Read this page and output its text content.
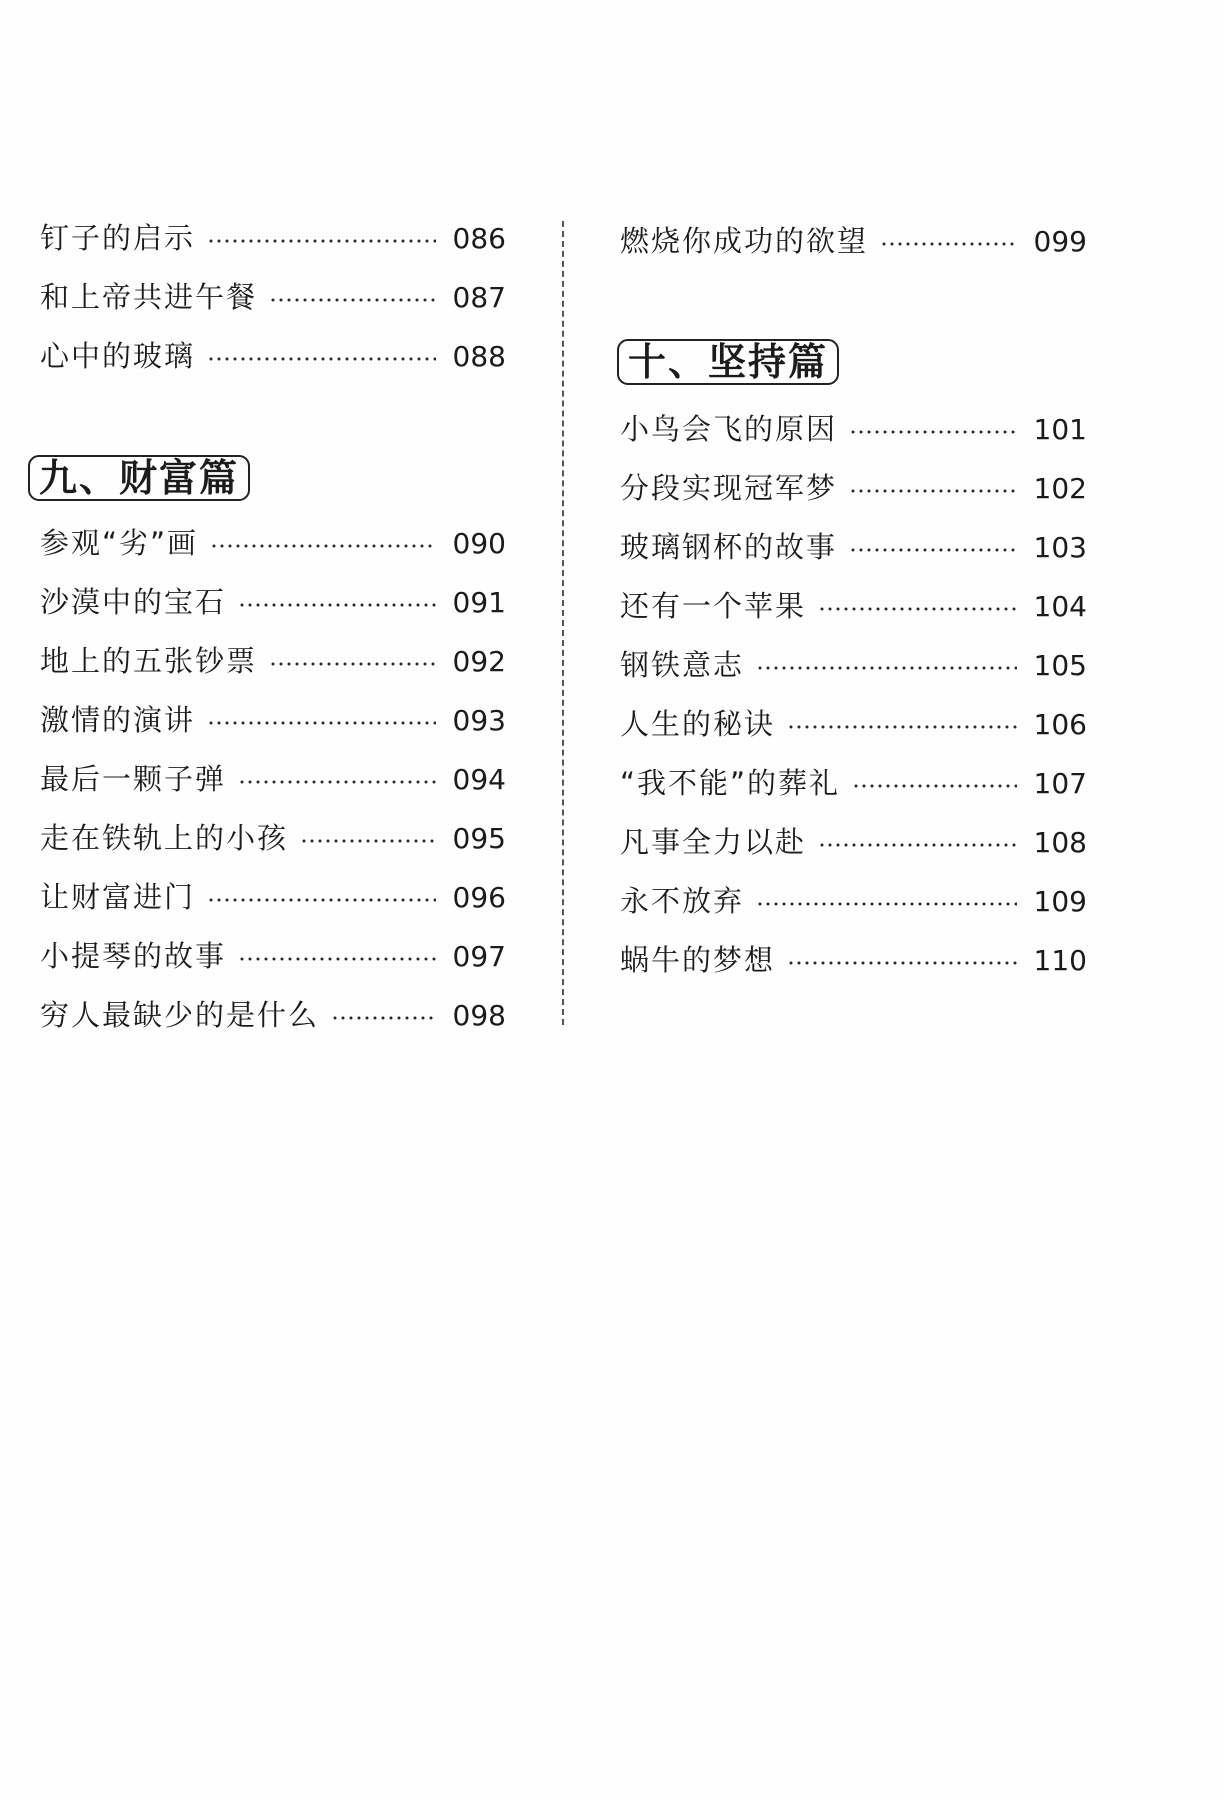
钉子的启示	086
和上帝共进午餐	087
心中的玻璃	088
九、财富篇
参观“劣”画	090
沙漠中的宝石	091
地上的五张钞票	092
激情的演讲	093
最后一颗子弹	094
走在铁轨上的小孩	095
让财富进门	096
小提琴的故事	097
穷人最缺少的是什么	098
燃烧你成功的欲望	099
十、坚持篇
小鸟会飞的原因	101
分段实现冠军梦	102
玻璃钢杯的故事	103
还有一个苹果	104
钢铁意志	105
人生的秘诀	106
“我不能”的葬礼	107
凡事全力以赴	108
永不放弃	109
蜗牛的梦想	110
